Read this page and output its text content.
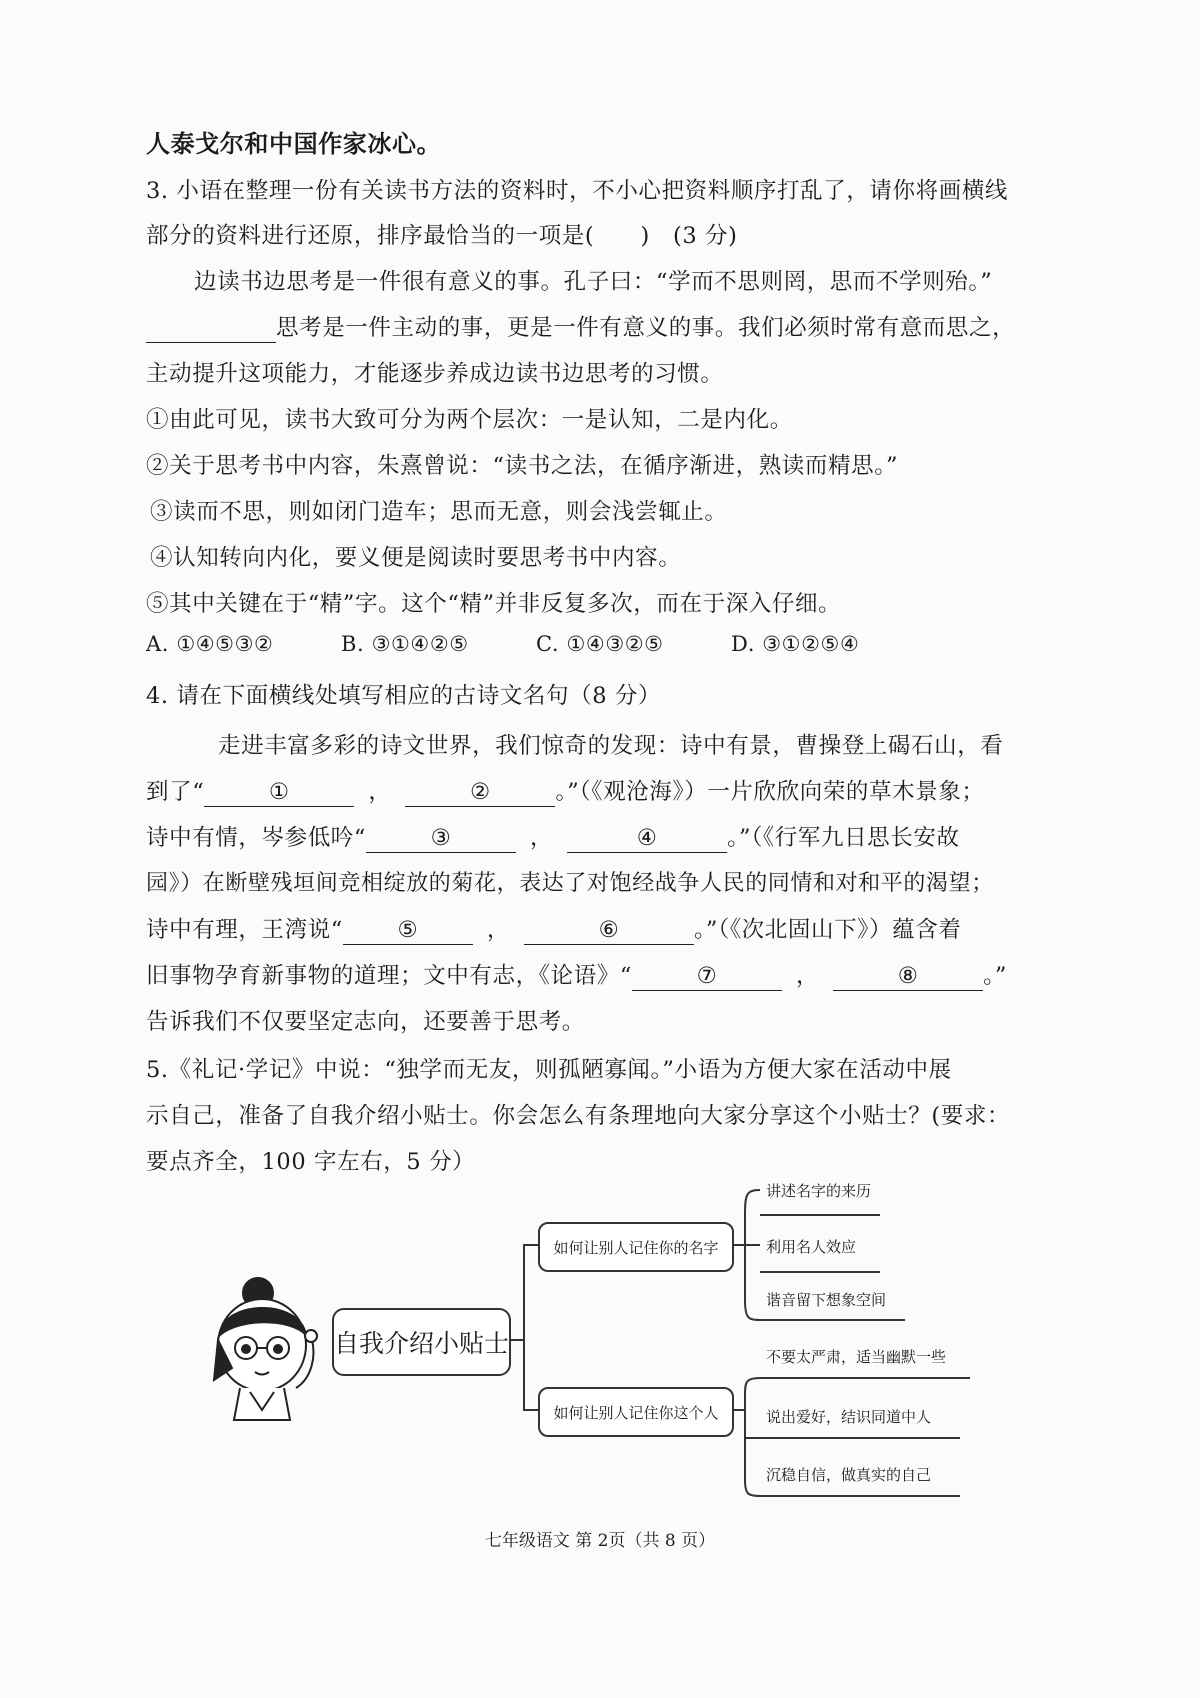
人泰戈尔和中国作家冰心。
3. 小语在整理一份有关读书方法的资料时，不小心把资料顺序打乱了，请你将画横线
部分的资料进行还原，排序最恰当的一项是(　　)　(3 分)
边读书边思考是一件很有意义的事。孔子曰：“学而不思则罔，思而不学则殆。”
思考是一件主动的事，更是一件有意义的事。我们必须时常有意而思之，
主动提升这项能力，才能逐步养成边读书边思考的习惯。
①由此可见，读书大致可分为两个层次：一是认知，二是内化。
②关于思考书中内容，朱熹曾说：“读书之法，在循序渐进，熟读而精思。”
③读而不思，则如闭门造车；思而无意，则会浅尝辄止。
④认知转向内化，要义便是阅读时要思考书中内容。
⑤其中关键在于“精”字。这个“精”并非反复多次，而在于深入仔细。
A. ①④⑤③②	B. ③①④②⑤	C. ①④③②⑤	D. ③①②⑤④
4. 请在下面横线处填写相应的古诗文名句（8 分）
走进丰富多彩的诗文世界，我们惊奇的发现：诗中有景，曹操登上碣石山，看
到了“	①	，	②	。”（《观沧海》）一片欣欣向荣的草木景象；
诗中有情，岑参低吟“	③	，	④	。”（《行军九日思长安故
园》）在断壁残垣间竞相绽放的菊花，表达了对饱经战争人民的同情和对和平的渴望；
诗中有理，王湾说“ ⑤	，	⑥	。”（《次北固山下》）蕴含着
旧事物孕育新事物的道理；文中有志，《论语》“	⑦	，	⑧	。”
告诉我们不仅要坚定志向，还要善于思考。
5.《礼记·学记》中说：“独学而无友，则孤陋寡闻。”小语为方便大家在活动中展
示自己，准备了自我介绍小贴士。你会怎么有条理地向大家分享这个小贴士？(要求：
要点齐全，100 字左右，5 分）
自我介绍小贴士
如何让别人记住你的名字
如何让别人记住你这个人
讲述名字的来历
利用名人效应
谐音留下想象空间
不要太严肃，适当幽默一些
说出爱好，结识同道中人
沉稳自信，做真实的自己
七年级语文 第 2页（共 8 页）
